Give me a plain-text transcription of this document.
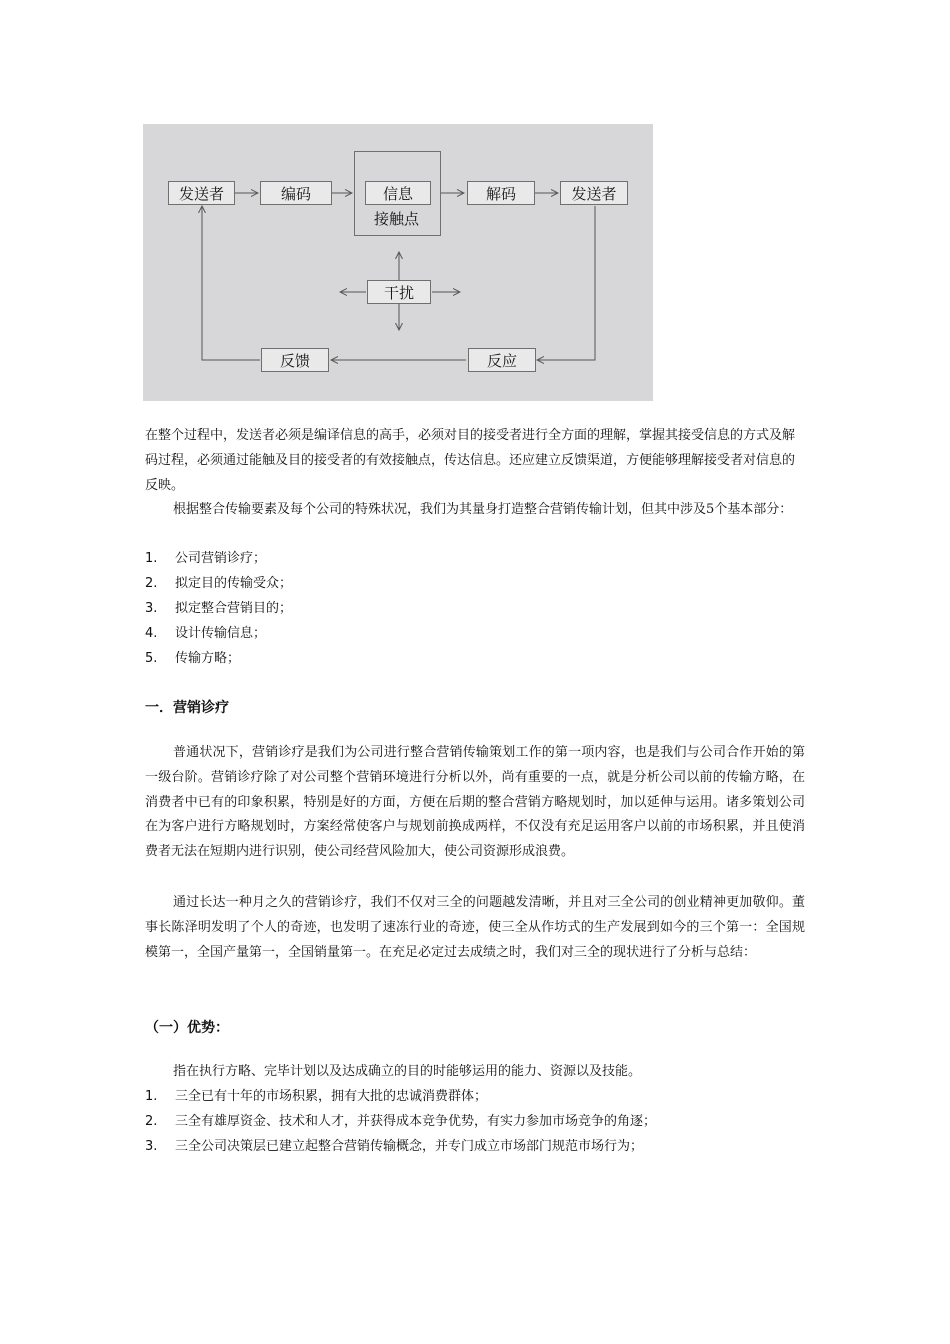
发送者	编码	信息
接触点
解码	发送者
干扰
反馈	反应
在整个过程中，发送者必须是编译信息的高手，必须对目的接受者进行全方面的理解，掌握其接受信息的方式及解码过程，必须通过能触及目的接受者的有效接触点，传达信息。还应建立反馈渠道，方便能够理解接受者对信息的反映。
根据整合传输要素及每个公司的特殊状况，我们为其量身打造整合营销传输计划，但其中涉及5个基本部分：
1. 公司营销诊疗；
2. 拟定目的传输受众；
3. 拟定整合营销目的；
4. 设计传输信息；
5. 传输方略；
一．营销诊疗
普通状况下，营销诊疗是我们为公司进行整合营销传输策划工作的第一项内容，也是我们与公司合作开始的第一级台阶。营销诊疗除了对公司整个营销环境进行分析以外，尚有重要的一点，就是分析公司以前的传输方略，在消费者中已有的印象积累，特别是好的方面，方便在后期的整合营销方略规划时，加以延伸与运用。诸多策划公司在为客户进行方略规划时，方案经常使客户与规划前换成两样，不仅没有充足运用客户以前的市场积累，并且使消费者无法在短期内进行识别，使公司经营风险加大，使公司资源形成浪费。
通过长达一种月之久的营销诊疗，我们不仅对三全的问题越发清晰，并且对三全公司的创业精神更加敬仰。董事长陈泽明发明了个人的奇迹，也发明了速冻行业的奇迹，使三全从作坊式的生产发展到如今的三个第一：全国规模第一，全国产量第一，全国销量第一。在充足必定过去成绩之时，我们对三全的现状进行了分析与总结：
（一）优势：
指在执行方略、完毕计划以及达成确立的目的时能够运用的能力、资源以及技能。
1. 三全已有十年的市场积累，拥有大批的忠诚消费群体；
2. 三全有雄厚资金、技术和人才，并获得成本竞争优势，有实力参加市场竞争的角逐；
3. 三全公司决策层已建立起整合营销传输概念，并专门成立市场部门规范市场行为；
